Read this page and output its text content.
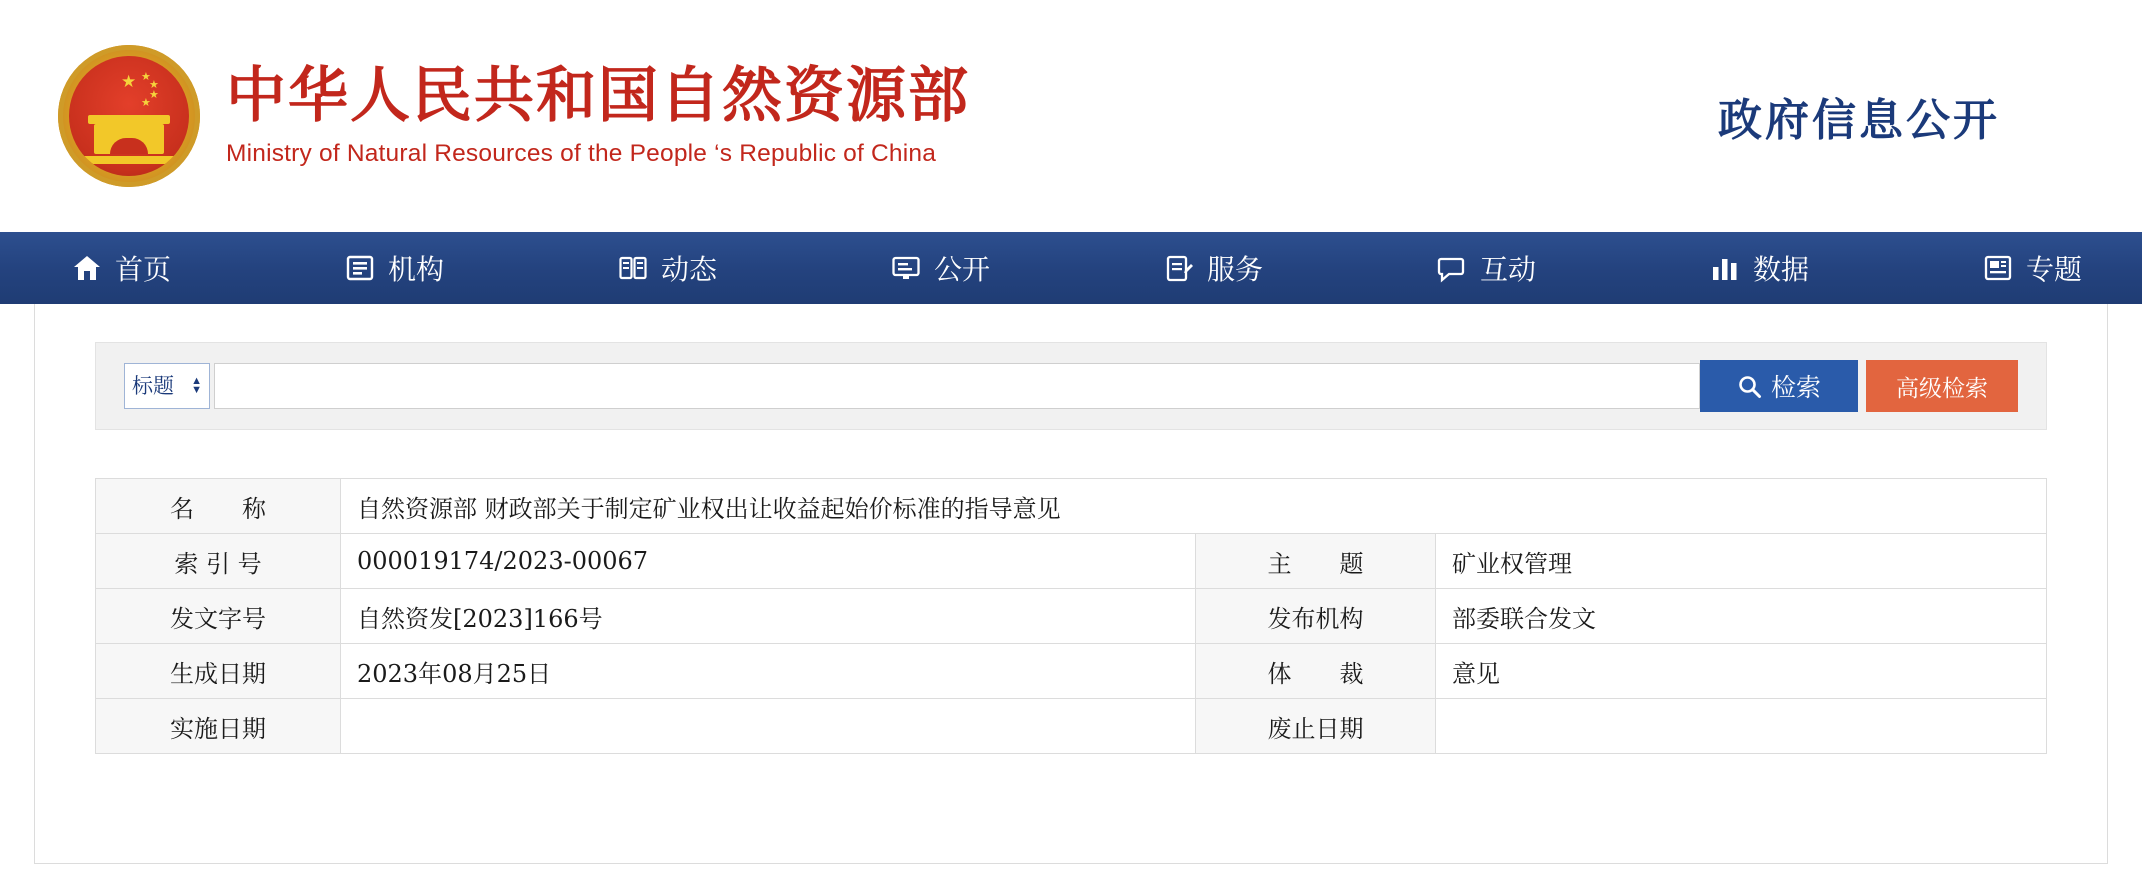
★ ★
★
★
★ 中华人民共和国自然资源部
Ministry of Natural Resources of the People ‘s Republic of China
政府信息公开
首页	机构	动态	公开	服务	互动	数据	专题
标题
▲
▼	检索	高级检索
名　　称	自然资源部 财政部关于制定矿业权出让收益起始价标准的指导意见		
索 引 号	000019174/2023-00067	主　　题	矿业权管理
发文字号	自然资发[2023]166号	发布机构	部委联合发文
生成日期	2023年08月25日	体　　裁	意见
实施日期		废止日期	
